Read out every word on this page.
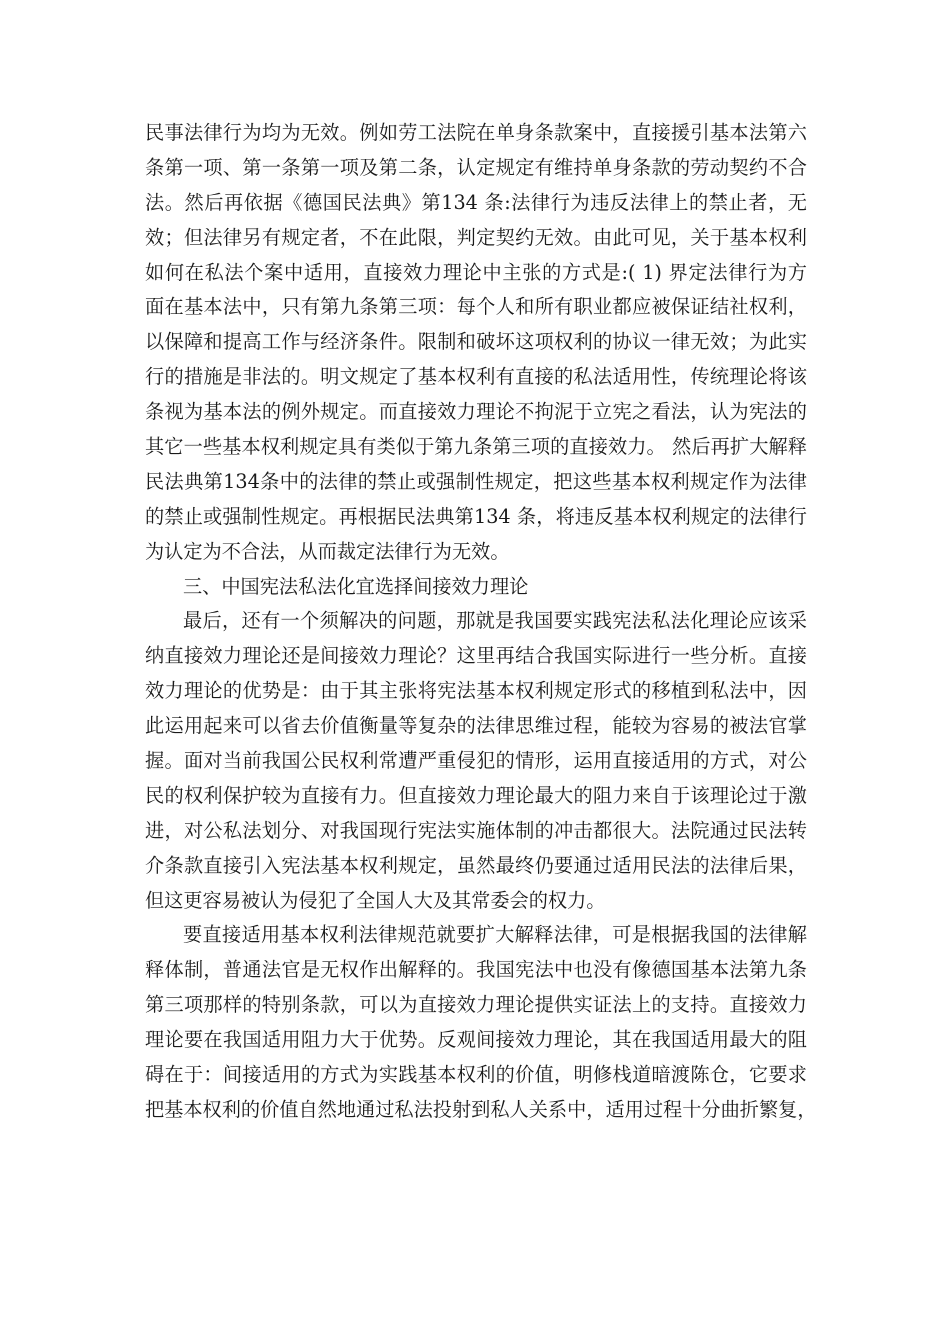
民事法律行为均为无效。例如劳工法院在单身条款案中，直接援引基本法第六
条第一项、第一条第一项及第二条，认定规定有维持单身条款的劳动契约不合
法。然后再依据《德国民法典》第134 条:法律行为违反法律上的禁止者，无
效；但法律另有规定者，不在此限，判定契约无效。由此可见，关于基本权利
如何在私法个案中适用，直接效力理论中主张的方式是:( 1) 界定法律行为方
面在基本法中，只有第九条第三项：每个人和所有职业都应被保证结社权利，
以保障和提高工作与经济条件。限制和破坏这项权利的协议一律无效；为此实
行的措施是非法的。明文规定了基本权利有直接的私法适用性，传统理论将该
条视为基本法的例外规定。而直接效力理论不拘泥于立宪之看法，认为宪法的
其它一些基本权利规定具有类似于第九条第三项的直接效力。 然后再扩大解释
民法典第134条中的法律的禁止或强制性规定，把这些基本权利规定作为法律
的禁止或强制性规定。再根据民法典第134 条，将违反基本权利规定的法律行
为认定为不合法，从而裁定法律行为无效。
三、中国宪法私法化宜选择间接效力理论
最后，还有一个须解决的问题，那就是我国要实践宪法私法化理论应该采
纳直接效力理论还是间接效力理论？这里再结合我国实际进行一些分析。直接
效力理论的优势是：由于其主张将宪法基本权利规定形式的移植到私法中，因
此运用起来可以省去价值衡量等复杂的法律思维过程，能较为容易的被法官掌
握。面对当前我国公民权利常遭严重侵犯的情形，运用直接适用的方式，对公
民的权利保护较为直接有力。但直接效力理论最大的阻力来自于该理论过于激
进，对公私法划分、对我国现行宪法实施体制的冲击都很大。法院通过民法转
介条款直接引入宪法基本权利规定，虽然最终仍要通过适用民法的法律后果，
但这更容易被认为侵犯了全国人大及其常委会的权力。
要直接适用基本权利法律规范就要扩大解释法律，可是根据我国的法律解
释体制，普通法官是无权作出解释的。我国宪法中也没有像德国基本法第九条
第三项那样的特别条款，可以为直接效力理论提供实证法上的支持。直接效力
理论要在我国适用阻力大于优势。反观间接效力理论，其在我国适用最大的阻
碍在于：间接适用的方式为实践基本权利的价值，明修栈道暗渡陈仓，它要求
把基本权利的价值自然地通过私法投射到私人关系中，适用过程十分曲折繁复，
